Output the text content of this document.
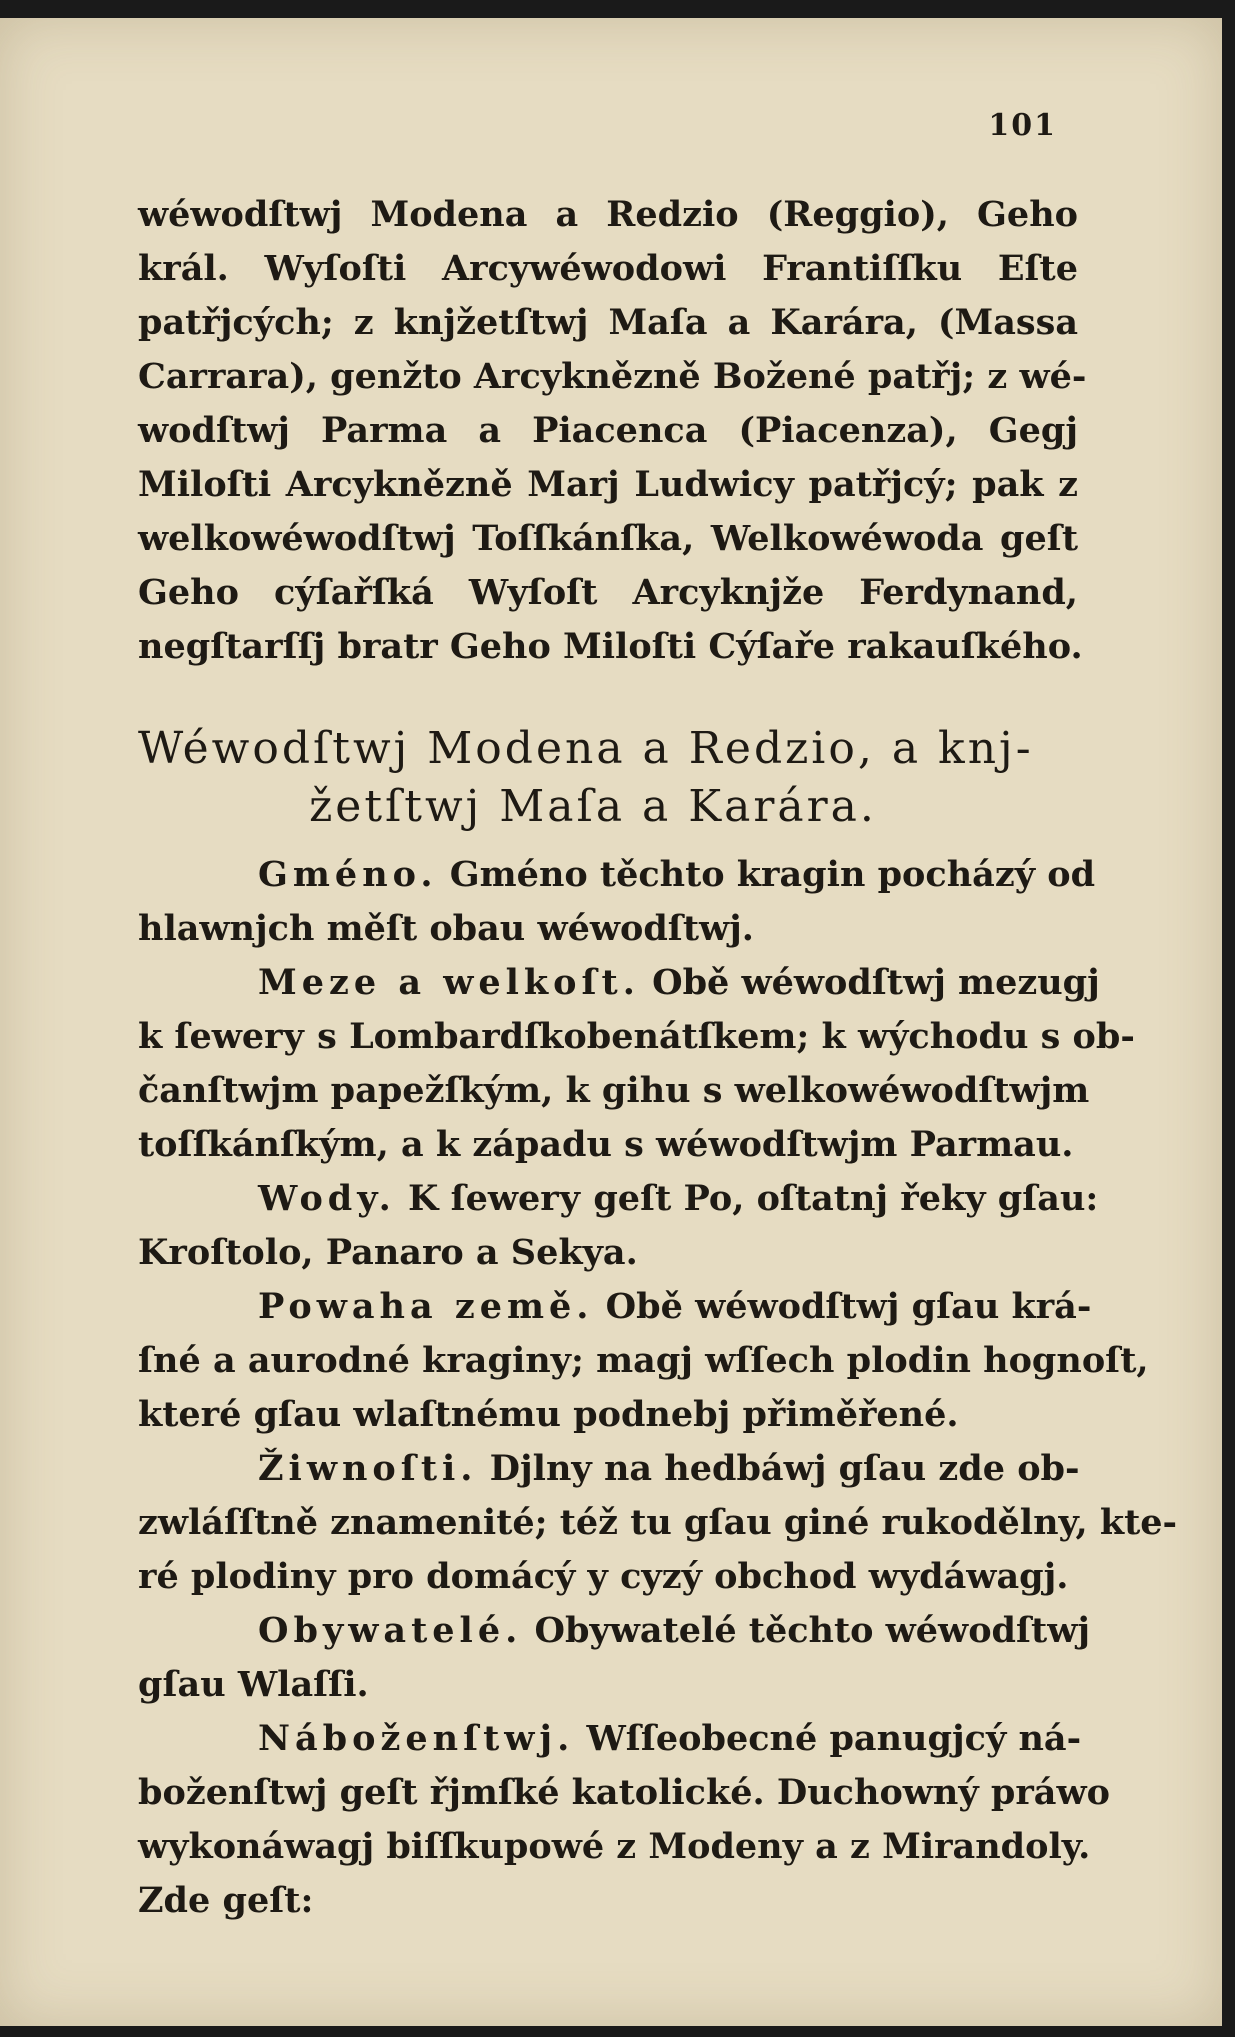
101
wéwodſtwj Modena a Redzio (Reggio), Geho
král. Wyſoſti Arcywéwodowi Frantiſſku Eſte
patřjcých; z knjžetſtwj Maſa a Karára, (Massa
Carrara), genžto Arcyknězně Božené patřj; z wé-
wodſtwj Parma a Piacenca (Piacenza), Gegj
Miloſti Arcyknězně Marj Ludwicy patřjcý; pak z
welkowéwodſtwj Toſſkánſka, Welkowéwoda geſt
Geho cýſařſká Wyſoſt Arcyknjže Ferdynand,
negſtarſſj bratr Geho Miloſti Cýſaře rakauſkého.
Wéwodſtwj Modena a Redzio, a knj-
žetſtwj Maſa a Karára.
Gméno. Gméno těchto kragin pocházý od
hlawnjch měſt obau wéwodſtwj.
Meze a welkoſt. Obě wéwodſtwj mezugj
k ſewerу s Lombardſkobenátſkem; k wýchodu s ob-
čanſtwjm papežſkým, k gihu s welkowéwodſtwjm
toſſkánſkým, a k západu s wéwodſtwjm Parmau.
Wody. K ſewerу geſt Po, oſtatnj řeky gſau:
Kroſtolo, Panaro a Sekya.
Powaha země. Obě wéwodſtwj gſau krá-
ſné a aurodné kraginy; magj wſſech plodin hognoſt,
které gſau wlaſtnému podnebj přiměřené.
Žiwnoſti. Djlny na hedbáwj gſau zde ob-
zwláſſtně znamenité; též tu gſau giné rukodělny, kte-
ré plodiny pro domácý y cyzý obchod wydáwagj.
Obywatelé. Obywatelé těchto wéwodſtwj
gſau Wlaſſi.
Náboženſtwj. Wſſeobecné panugjcý ná-
boženſtwj geſt řjmſké katolické. Duchowný práwo
wykonáwagj biſſkupowé z Modeny a z Mirandoly.
Zde geſt:
